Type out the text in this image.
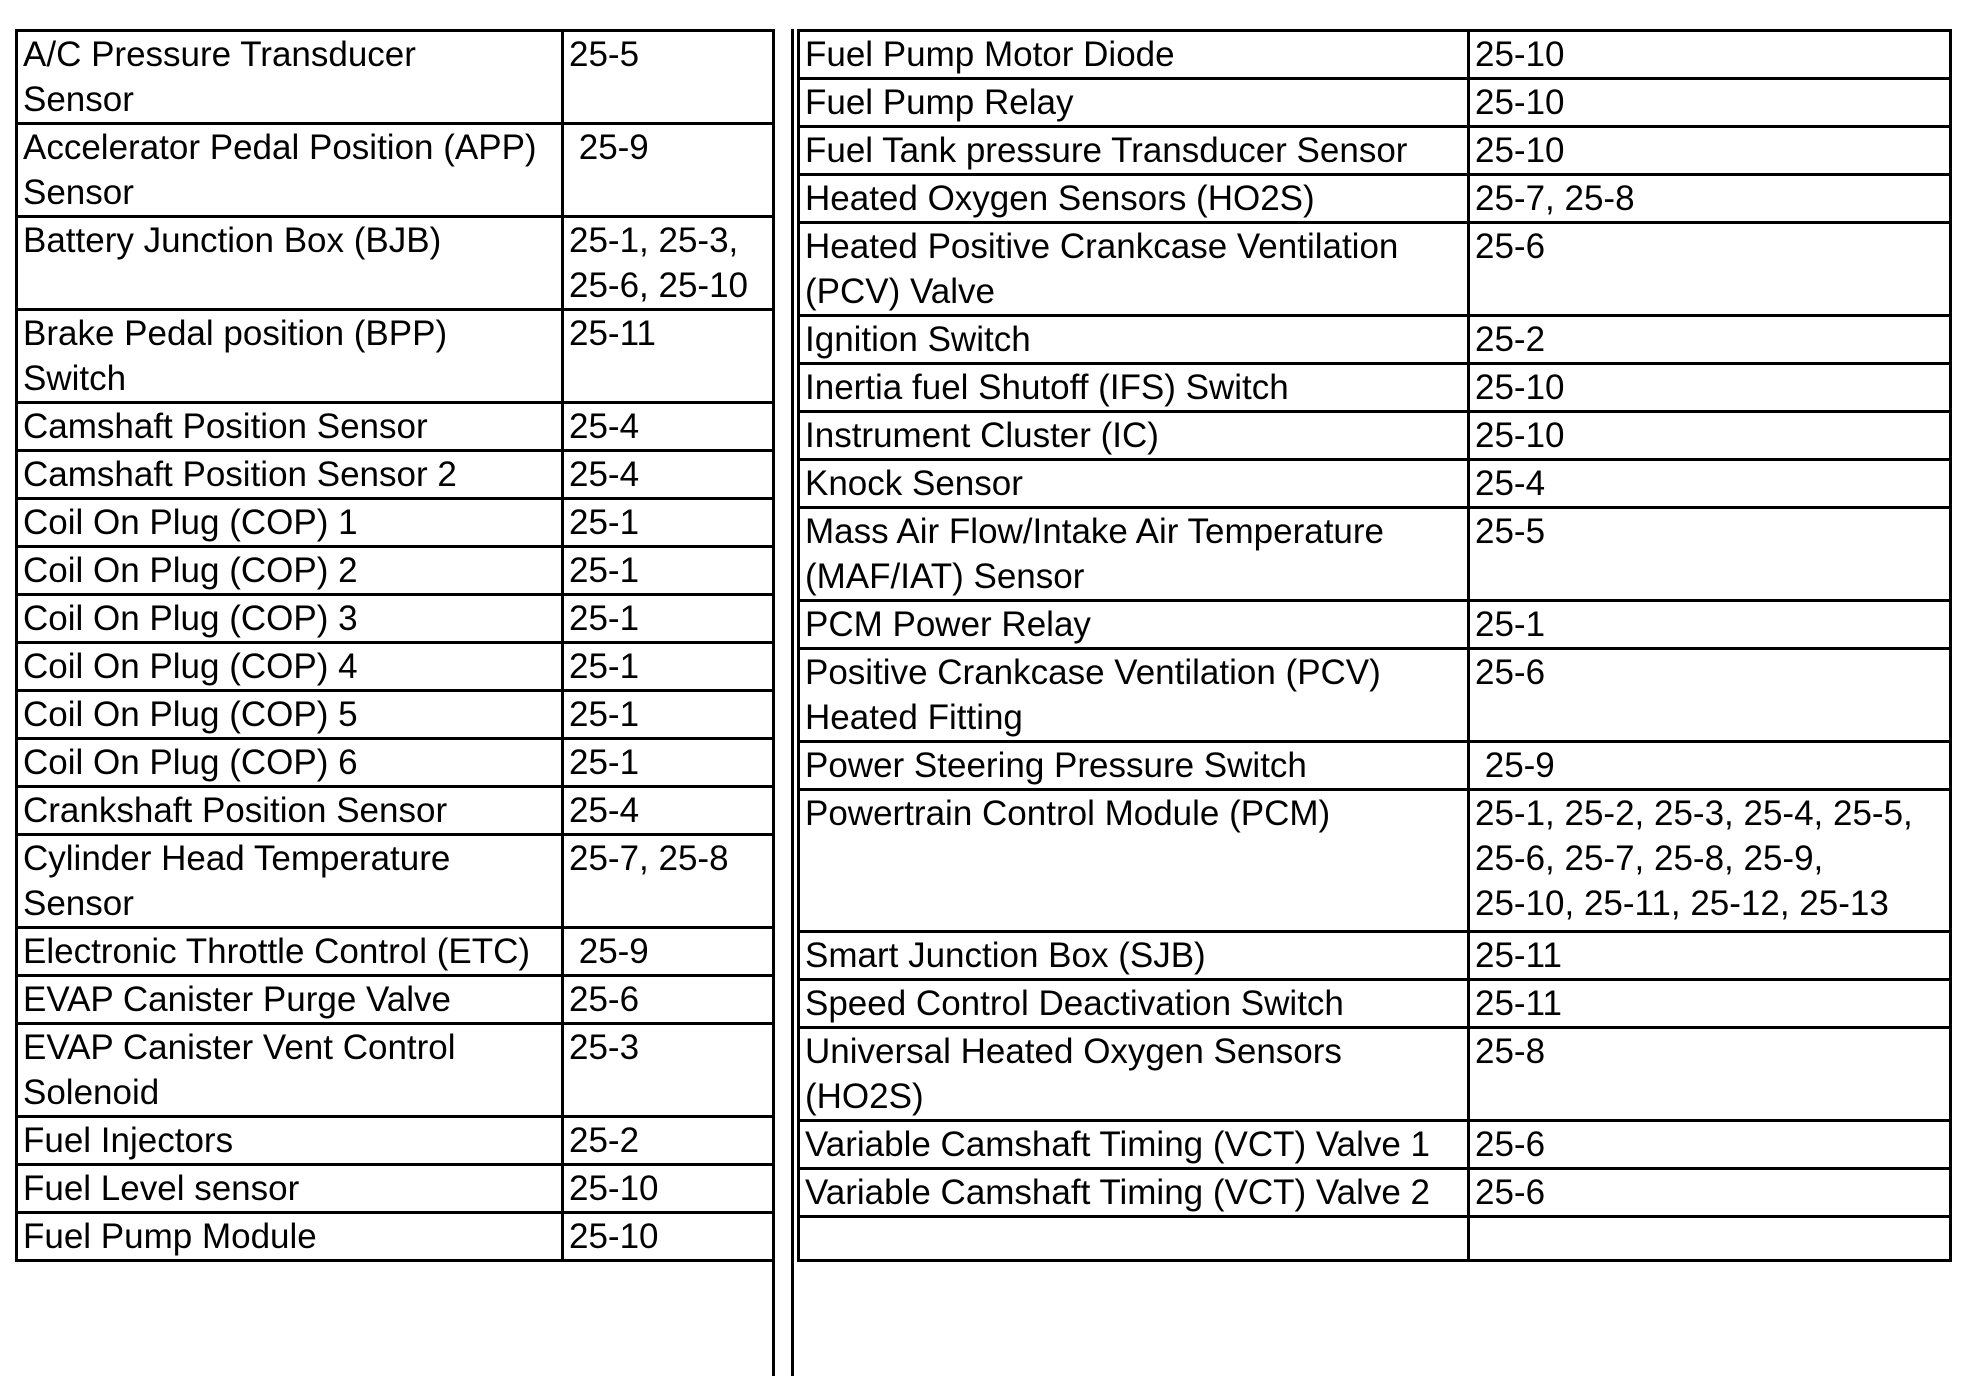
A/C Pressure Transducer
Sensor	25-5
Accelerator Pedal Position (APP)
Sensor	25-9
Battery Junction Box (BJB)	25-1, 25-3,
25-6, 25-10
Brake Pedal position (BPP)
Switch	25-11
Camshaft Position Sensor	25-4
Camshaft Position Sensor 2	25-4
Coil On Plug (COP) 1	25-1
Coil On Plug (COP) 2	25-1
Coil On Plug (COP) 3	25-1
Coil On Plug (COP) 4	25-1
Coil On Plug (COP) 5	25-1
Coil On Plug (COP) 6	25-1
Crankshaft Position Sensor	25-4
Cylinder Head Temperature
Sensor	25-7, 25-8
Electronic Throttle Control (ETC)	25-9
EVAP Canister Purge Valve	25-6
EVAP Canister Vent Control
Solenoid	25-3
Fuel Injectors	25-2
Fuel Level sensor	25-10
Fuel Pump Module	25-10
Fuel Pump Motor Diode	25-10
Fuel Pump Relay	25-10
Fuel Tank pressure Transducer Sensor	25-10
Heated Oxygen Sensors (HO2S)	25-7, 25-8
Heated Positive Crankcase Ventilation
(PCV) Valve	25-6
Ignition Switch	25-2
Inertia fuel Shutoff (IFS) Switch	25-10
Instrument Cluster (IC)	25-10
Knock Sensor	25-4
Mass Air Flow/Intake Air Temperature
(MAF/IAT) Sensor	25-5
PCM Power Relay	25-1
Positive Crankcase Ventilation (PCV)
Heated Fitting	25-6
Power Steering Pressure Switch	25-9
Powertrain Control Module (PCM)	25-1, 25-2, 25-3, 25-4, 25-5,
25-6, 25-7, 25-8, 25-9,
25-10, 25-11, 25-12, 25-13
Smart Junction Box (SJB)	25-11
Speed Control Deactivation Switch	25-11
Universal Heated Oxygen Sensors
(HO2S)	25-8
Variable Camshaft Timing (VCT) Valve 1	25-6
Variable Camshaft Timing (VCT) Valve 2	25-6
